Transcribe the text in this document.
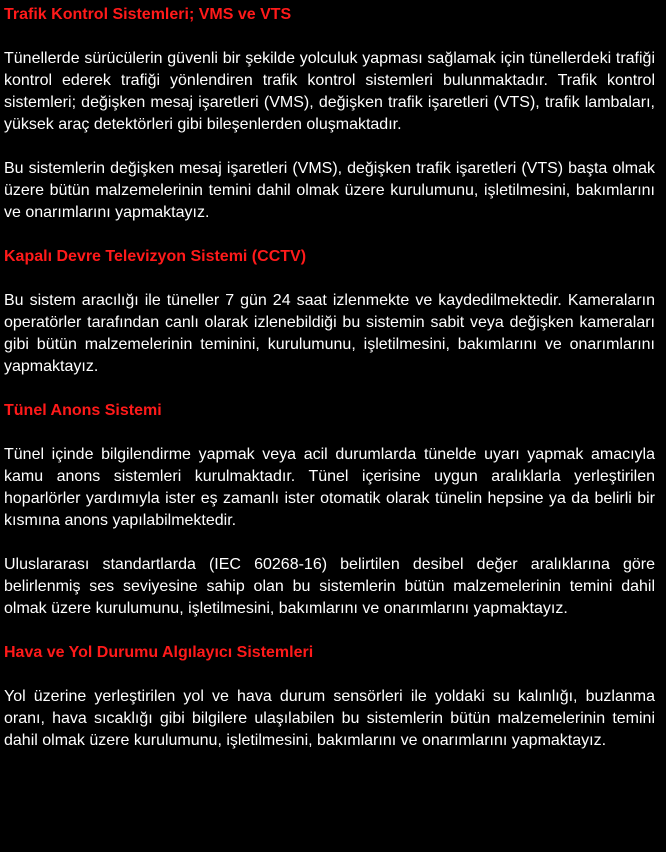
Trafik Kontrol Sistemleri; VMS ve VTS

Tünellerde sürücülerin güvenli bir şekilde yolculuk yapması sağlamak için tünellerdeki trafiği kontrol ederek trafiği yönlendiren trafik kontrol sistemleri bulunmaktadır. Trafik kontrol sistemleri; değişken mesaj işaretleri (VMS), değişken trafik işaretleri (VTS), trafik lambaları, yüksek araç detektörleri gibi bileşenlerden oluşmaktadır.

Bu sistemlerin değişken mesaj işaretleri (VMS), değişken trafik işaretleri (VTS) başta olmak üzere bütün malzemelerinin temini dahil olmak üzere kurulumunu, işletilmesini, bakımlarını ve onarımlarını yapmaktayız.

Kapalı Devre Televizyon Sistemi (CCTV)

Bu sistem aracılığı ile tüneller 7 gün 24 saat izlenmekte ve kaydedilmektedir. Kameraların operatörler tarafından canlı olarak izlenebildiği bu sistemin sabit veya değişken kameraları gibi bütün malzemelerinin teminini, kurulumunu, işletilmesini, bakımlarını ve onarımlarını yapmaktayız.

Tünel Anons Sistemi

Tünel içinde bilgilendirme yapmak veya acil durumlarda tünelde uyarı yapmak amacıyla kamu anons sistemleri kurulmaktadır. Tünel içerisine uygun aralıklarla yerleştirilen hoparlörler yardımıyla ister eş zamanlı ister otomatik olarak tünelin hepsine ya da belirli bir kısmına anons yapılabilmektedir.

Uluslararası standartlarda (IEC 60268-16) belirtilen desibel değer aralıklarına göre belirlenmiş ses seviyesine sahip olan bu sistemlerin bütün malzemelerinin temini dahil olmak üzere kurulumunu, işletilmesini, bakımlarını ve onarımlarını yapmaktayız.

Hava ve Yol Durumu Algılayıcı Sistemleri

Yol üzerine yerleştirilen yol ve hava durum sensörleri ile yoldaki su kalınlığı, buzlanma oranı, hava sıcaklığı gibi bilgilere ulaşılabilen bu sistemlerin bütün malzemelerinin temini dahil olmak üzere kurulumunu, işletilmesini, bakımlarını ve onarımlarını yapmaktayız.
